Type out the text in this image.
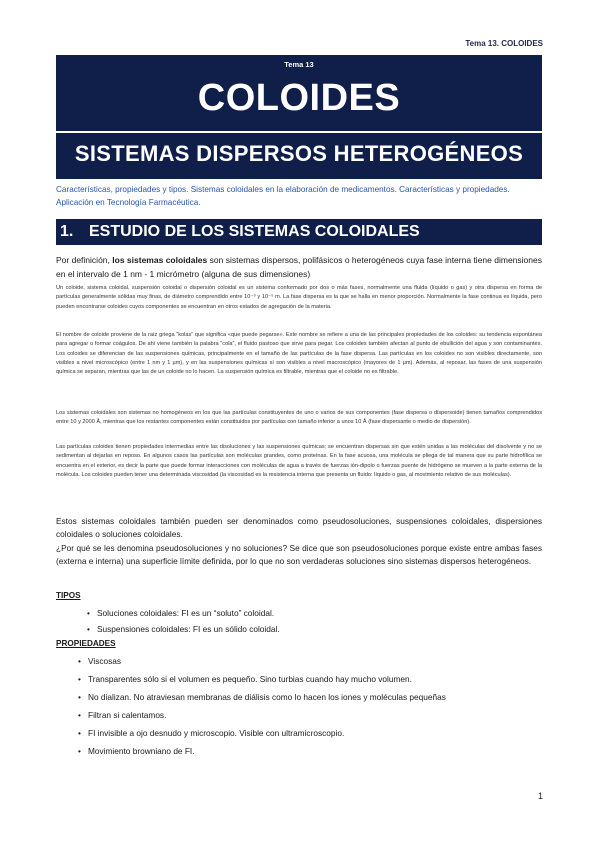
Tema 13. COLOIDES
Tema 13
COLOIDES
SISTEMAS DISPERSOS HETEROGÉNEOS
Características, propiedades y tipos. Sistemas coloidales en la elaboración de medicamentos. Características y propiedades. Aplicación en Tecnología Farmacéutica.
1. ESTUDIO DE LOS SISTEMAS COLOIDALES
Por definición, los sistemas coloidales son sistemas dispersos, polifásicos o heterogéneos cuya fase interna tiene dimensiones en el intervalo de 1 nm - 1 micrómetro (alguna de sus dimensiones)
Un coloide, sistema coloidal, suspensión coloidal o dispersión coloidal es un sistema conformado por dos o más fases, normalmente una fluida (líquido o gas) y otra dispersa en forma de partículas generalmente sólidas muy finas, de diámetro comprendido entre 10⁻⁹ y 10⁻⁵ m. La fase dispersa es la que se halla en menor proporción. Normalmente la fase continua es líquida, pero pueden encontrarse coloides cuyos componentes se encuentran en otros estados de agregación de la materia.
El nombre de coloide proviene de la raíz griega “kolas” que significa «que puede pegarse». Este nombre se refiere a una de las principales propiedades de los coloides: su tendencia espontánea para agregar o formar coágulos. De ahí viene también la palabra “cola”, el fluido pastoso que sirve para pegar. Los coloides también afectan al punto de ebullición del agua y son contaminantes. Los coloides se diferencian de las suspensiones químicas, principalmente en el tamaño de las partículas de la fase dispersa. Las partículas en los coloides no son visibles directamente, son visibles a nivel microscópico (entre 1 nm y 1 µm), y en las suspensiones químicas sí son visibles a nivel macroscópico (mayores de 1 µm). Además, al reposar, las fases de una suspensión química se separan, mientras que las de un coloide no lo hacen. La suspensión química es filtrable, mientras que el coloide no es filtrable.
Los sistemas coloidales son sistemas no homogéneos en los que las partículas constituyentes de uno o varios de sus componentes (fase dispersa o dispersoide) tienen tamaños comprendidos entre 10 y 2000 Å, mientras que los restantes componentes están constituidos por partículas con tamaño inferior a unos 10 Å (fase dispersante o medio de dispersión).
Las partículas coloides tienen propiedades intermedias entre las disoluciones y las suspensiones químicas; se encuentran dispersas sin que estén unidas a las moléculas del disolvente y no se sedimentan al dejarlas en reposo. En algunos casos las partículas son moléculas grandes, como proteínas. En la fase acuosa, una molécula se pliega de tal manera que su parte hidrofílica se encuentra en el exterior, es decir la parte que puede formar interacciones con moléculas de agua a través de fuerzas ión-dipolo o fuerzas puente de hidrógeno se mueven a la parte externa de la molécula. Los coloides pueden tener una determinada viscosidad (la viscosidad es la resistencia interna que presenta un fluido: líquido o gas, al movimiento relativo de sus moléculas).
Estos sistemas coloidales también pueden ser denominados como pseudosoluciones, suspensiones coloidales, dispersiones coloidales o soluciones coloidales.
¿Por qué se les denomina pseudosoluciones y no soluciones? Se dice que son pseudosoluciones porque existe entre ambas fases (externa e interna) una superficie límite definida, por lo que no son verdaderas soluciones sino sistemas dispersos heterogéneos.
TIPOS
• Soluciones coloidales: FI es un “soluto” coloidal.
• Suspensiones coloidales: FI es un sólido coloidal.
PROPIEDADES
• Viscosas
• Transparentes sólo si el volumen es pequeño. Sino turbias cuando hay mucho volumen.
• No dializan. No atraviesan membranas de diálisis como lo hacen los iones y moléculas pequeñas
• Filtran si calentamos.
• FI invisible a ojo desnudo y microscopio. Visible con ultramicroscopio.
• Movimiento browniano de FI.
1
